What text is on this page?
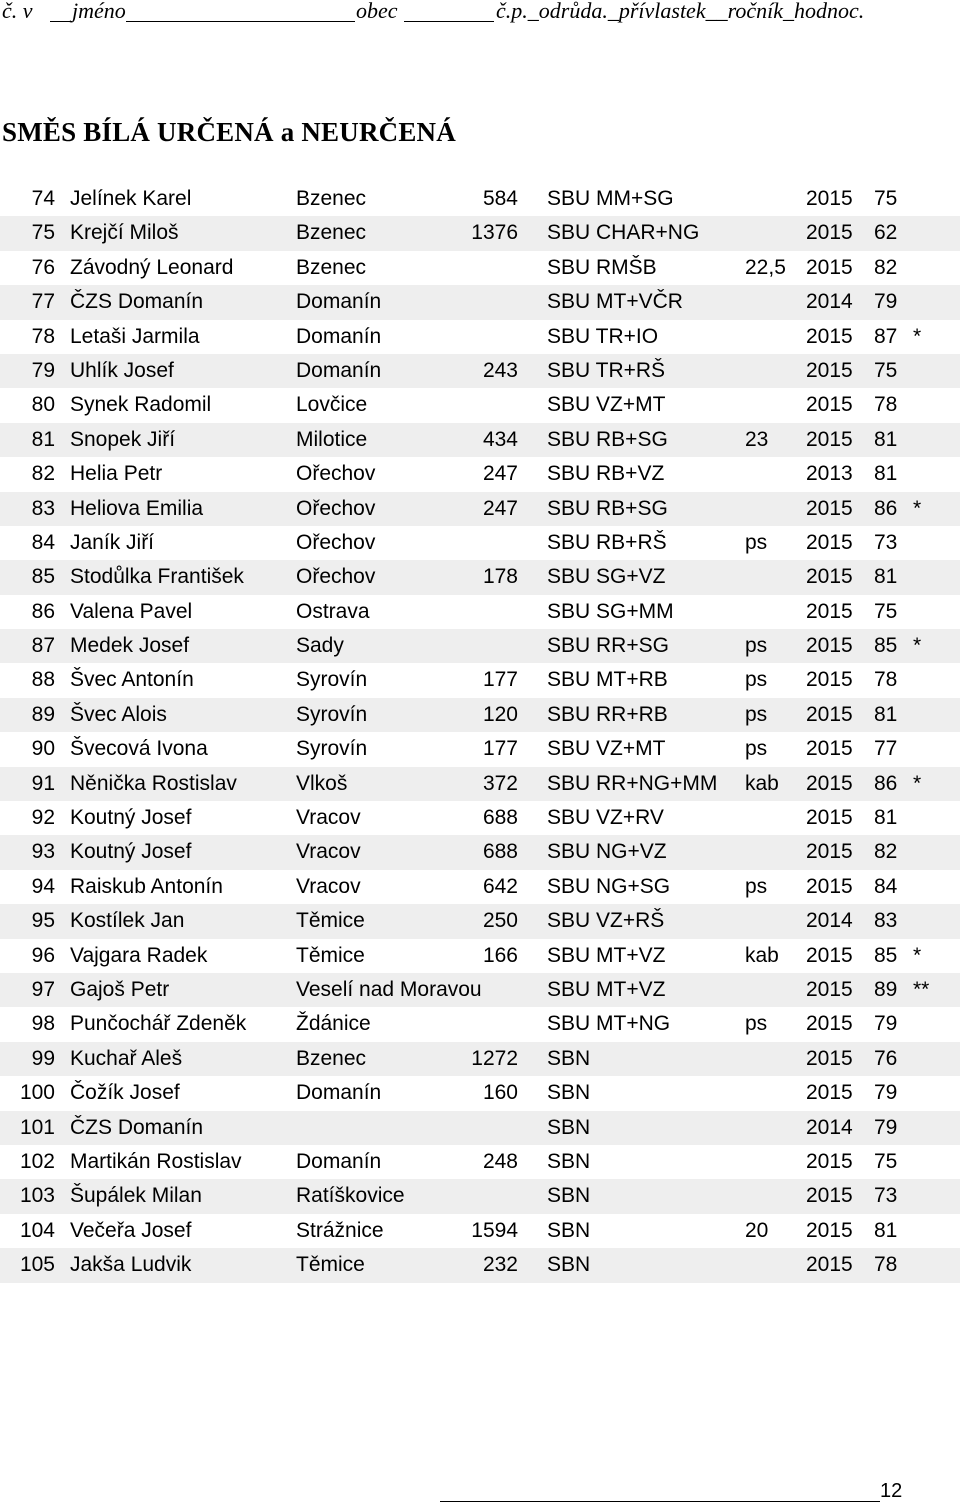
č. v jméno	obec	č.p._odrůda._přívlastek__ročník_hodnoc.
SMĚS BÍLÁ URČENÁ a NEURČENÁ
74 Jelínek Karel	Bzenec	584 SBU MM+SG	2015 75
75 Krejčí Miloš	Bzenec	1376 SBU CHAR+NG	2015 62
76 Závodný Leonard	Bzenec	SBU RMŠB	22,5 2015 82
77 ČZS Domanín	Domanín	SBU MT+VČR	2014 79
78 Letaši Jarmila	Domanín	SBU TR+IO	2015 87 *
79 Uhlík Josef	Domanín	243 SBU TR+RŠ	2015 75
80 Synek Radomil	Lovčice	SBU VZ+MT	2015 78
81 Snopek Jiří	Milotice	434 SBU RB+SG	23 2015 81
82 Helia Petr	Ořechov	247 SBU RB+VZ	2013 81
83 Heliova Emilia	Ořechov	247 SBU RB+SG	2015 86 *
84 Janík Jiří	Ořechov	SBU RB+RŠ	ps 2015 73
85 Stodůlka František Ořechov	178 SBU SG+VZ	2015 81
86 Valena Pavel	Ostrava	SBU SG+MM	2015 75
87 Medek Josef	Sady	SBU RR+SG	ps 2015 85 *
88 Švec Antonín	Syrovín	177 SBU MT+RB	ps 2015 78
89 Švec Alois	Syrovín	120 SBU RR+RB	ps 2015 81
90 Švecová Ivona	Syrovín	177 SBU VZ+MT	ps 2015 77
91 Něnička Rostislav	Vlkoš	372 SBU RR+NG+MM kab 2015 86 *
92 Koutný Josef	Vracov	688 SBU VZ+RV	2015 81
93 Koutný Josef	Vracov	688 SBU NG+VZ	2015 82
94 Raiskub Antonín	Vracov	642 SBU NG+SG	ps 2015 84
95 Kostílek Jan	Těmice	250 SBU VZ+RŠ	2014 83
96 Vajgara Radek	Těmice	166 SBU MT+VZ	kab 2015 85 *
97 Gajoš Petr	Veselí nad Moravou	SBU MT+VZ	2015 89 **
98 Punčochář Zdeněk Ždánice	SBU MT+NG	ps 2015 79
99 Kuchař Aleš	Bzenec	1272 SBN	2015 76
100 Čožík Josef	Domanín	160 SBN	2015 79
101 ČZS Domanín	SBN	2014 79
102 Martikán Rostislav	Domanín	248 SBN	2015 75
103 Šupálek Milan	Ratíškovice	SBN	2015 73
104 Večeřa Josef	Strážnice	1594 SBN	20 2015 81
105 Jakša Ludvik	Těmice	232 SBN	2015 78
12
